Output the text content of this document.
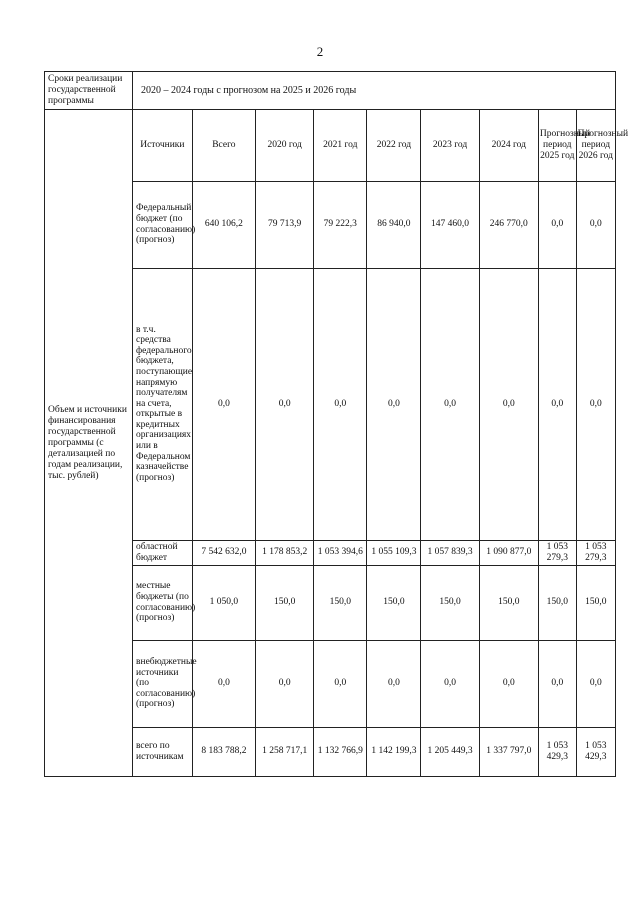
2
Сроки реализации государственной программы	2020 – 2024 годы с прогнозом на 2025 и 2026 годы
Объем и источники финансирования государственной программы (с детализацией по годам реализации, тыс. рублей)	
Источники	Всего	2020 год	2021 год	2022 год	2023 год	2024 год	Прогнозный период 2025 год	Прогнозный период 2026 год
Федеральный бюджет (по согласованию) (прогноз)	640 106,2	79 713,9	79 222,3	86 940,0	147 460,0	246 770,0	0,0	0,0
в т.ч. средства федерального бюджета, поступающие напрямую получателям на счета, открытые в кредитных организациях или в Федеральном казначействе (прогноз)	0,0	0,0	0,0	0,0	0,0	0,0	0,0	0,0
областной бюджет	7 542 632,0	1 178 853,2	1 053 394,6	1 055 109,3	1 057 839,3	1 090 877,0	1 053 279,3	1 053 279,3
местные бюджеты (по согласованию) (прогноз)	1 050,0	150,0	150,0	150,0	150,0	150,0	150,0	150,0
внебюджетные источники (по согласованию) (прогноз)	0,0	0,0	0,0	0,0	0,0	0,0	0,0	0,0
всего по источникам	8 183 788,2	1 258 717,1	1 132 766,9	1 142 199,3	1 205 449,3	1 337 797,0	1 053 429,3	1 053 429,3
